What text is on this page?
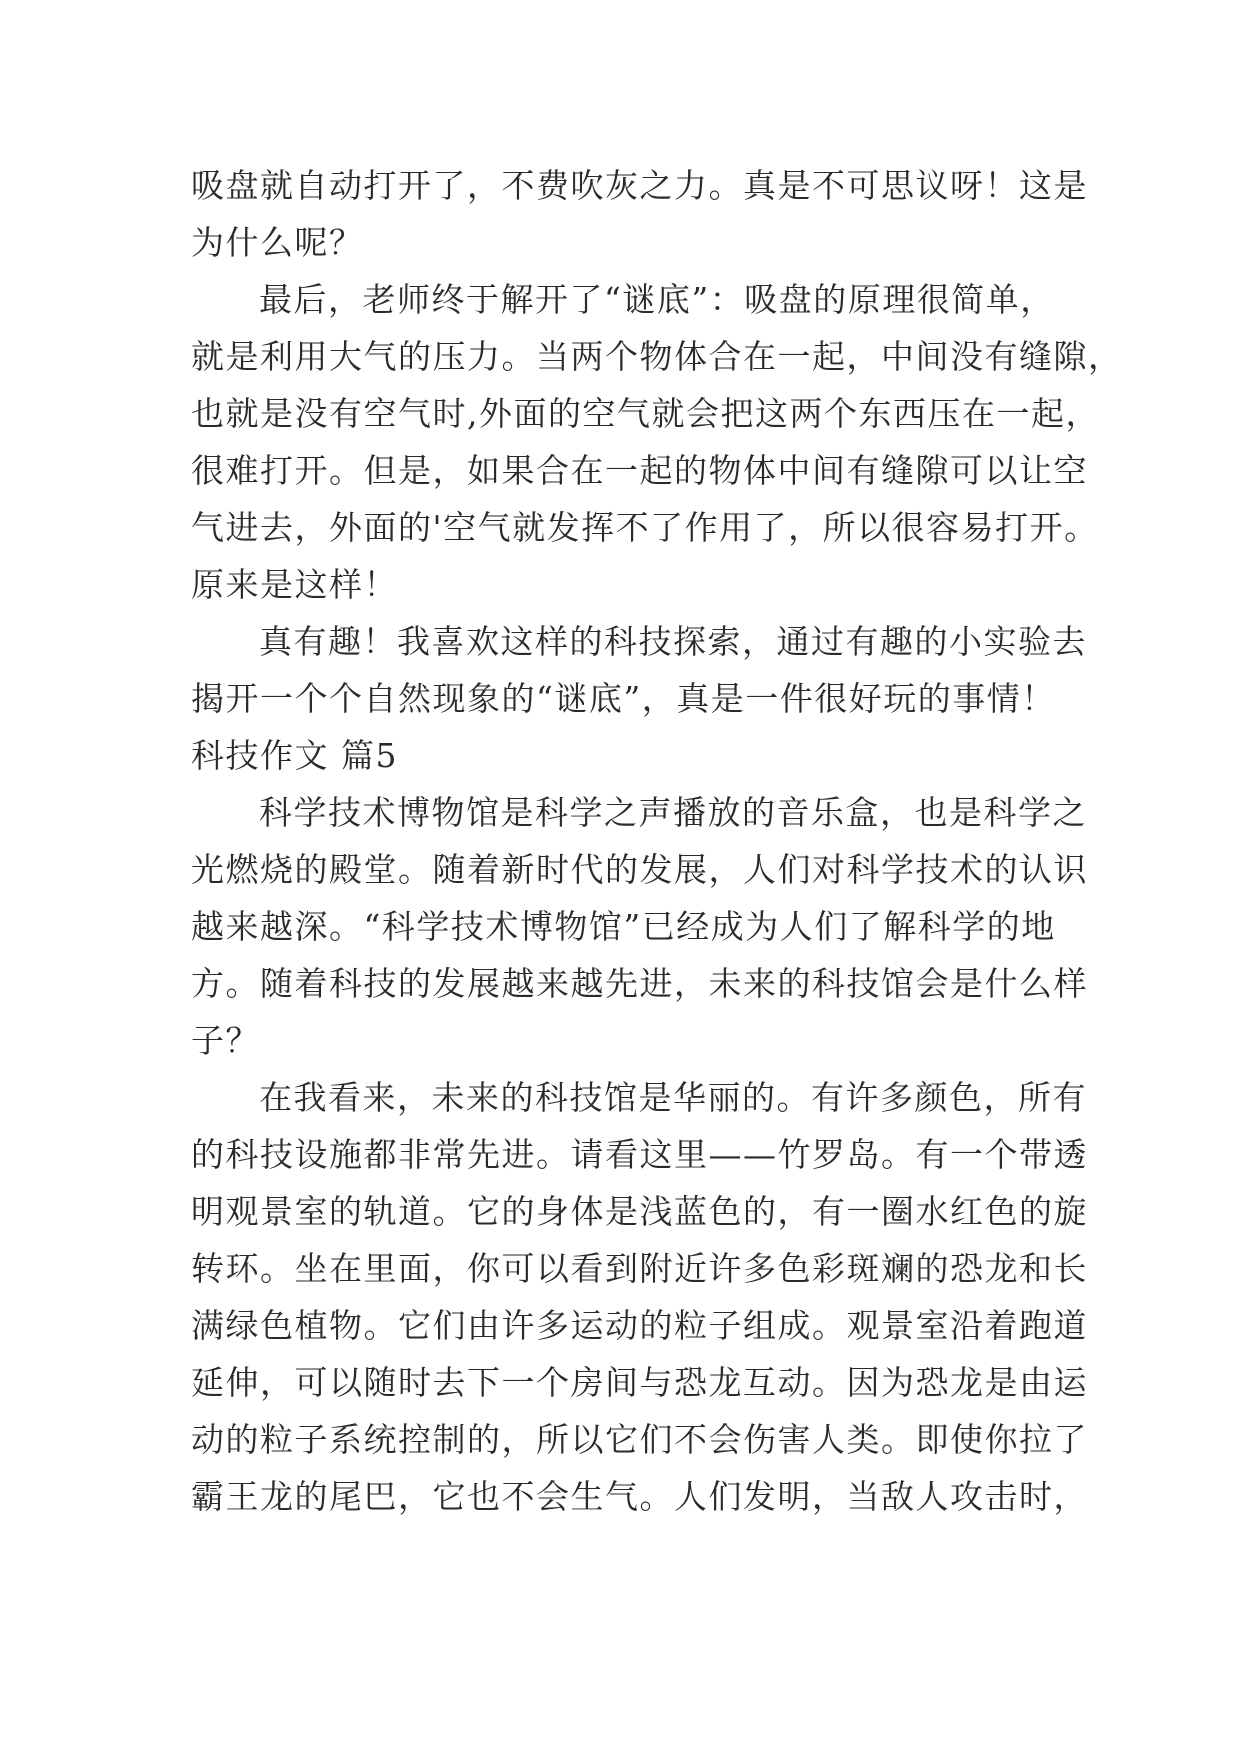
吸盘就自动打开了，不费吹灰之力。真是不可思议呀！这是
为什么呢？
最后，老师终于解开了“谜底”：吸盘的原理很简单，
就是利用大气的压力。当两个物体合在一起，中间没有缝隙，
也就是没有空气时,外面的空气就会把这两个东西压在一起，
很难打开。但是，如果合在一起的物体中间有缝隙可以让空
气进去，外面的'空气就发挥不了作用了，所以很容易打开。
原来是这样！
真有趣！我喜欢这样的科技探索，通过有趣的小实验去
揭开一个个自然现象的“谜底”，真是一件很好玩的事情！
科技作文 篇5
科学技术博物馆是科学之声播放的音乐盒，也是科学之
光燃烧的殿堂。随着新时代的发展，人们对科学技术的认识
越来越深。“科学技术博物馆”已经成为人们了解科学的地
方。随着科技的发展越来越先进，未来的科技馆会是什么样
子？
在我看来，未来的科技馆是华丽的。有许多颜色，所有
的科技设施都非常先进。请看这里——竹罗岛。有一个带透
明观景室的轨道。它的身体是浅蓝色的，有一圈水红色的旋
转环。坐在里面，你可以看到附近许多色彩斑斓的恐龙和长
满绿色植物。它们由许多运动的粒子组成。观景室沿着跑道
延伸，可以随时去下一个房间与恐龙互动。因为恐龙是由运
动的粒子系统控制的，所以它们不会伤害人类。即使你拉了
霸王龙的尾巴，它也不会生气。人们发明，当敌人攻击时，
